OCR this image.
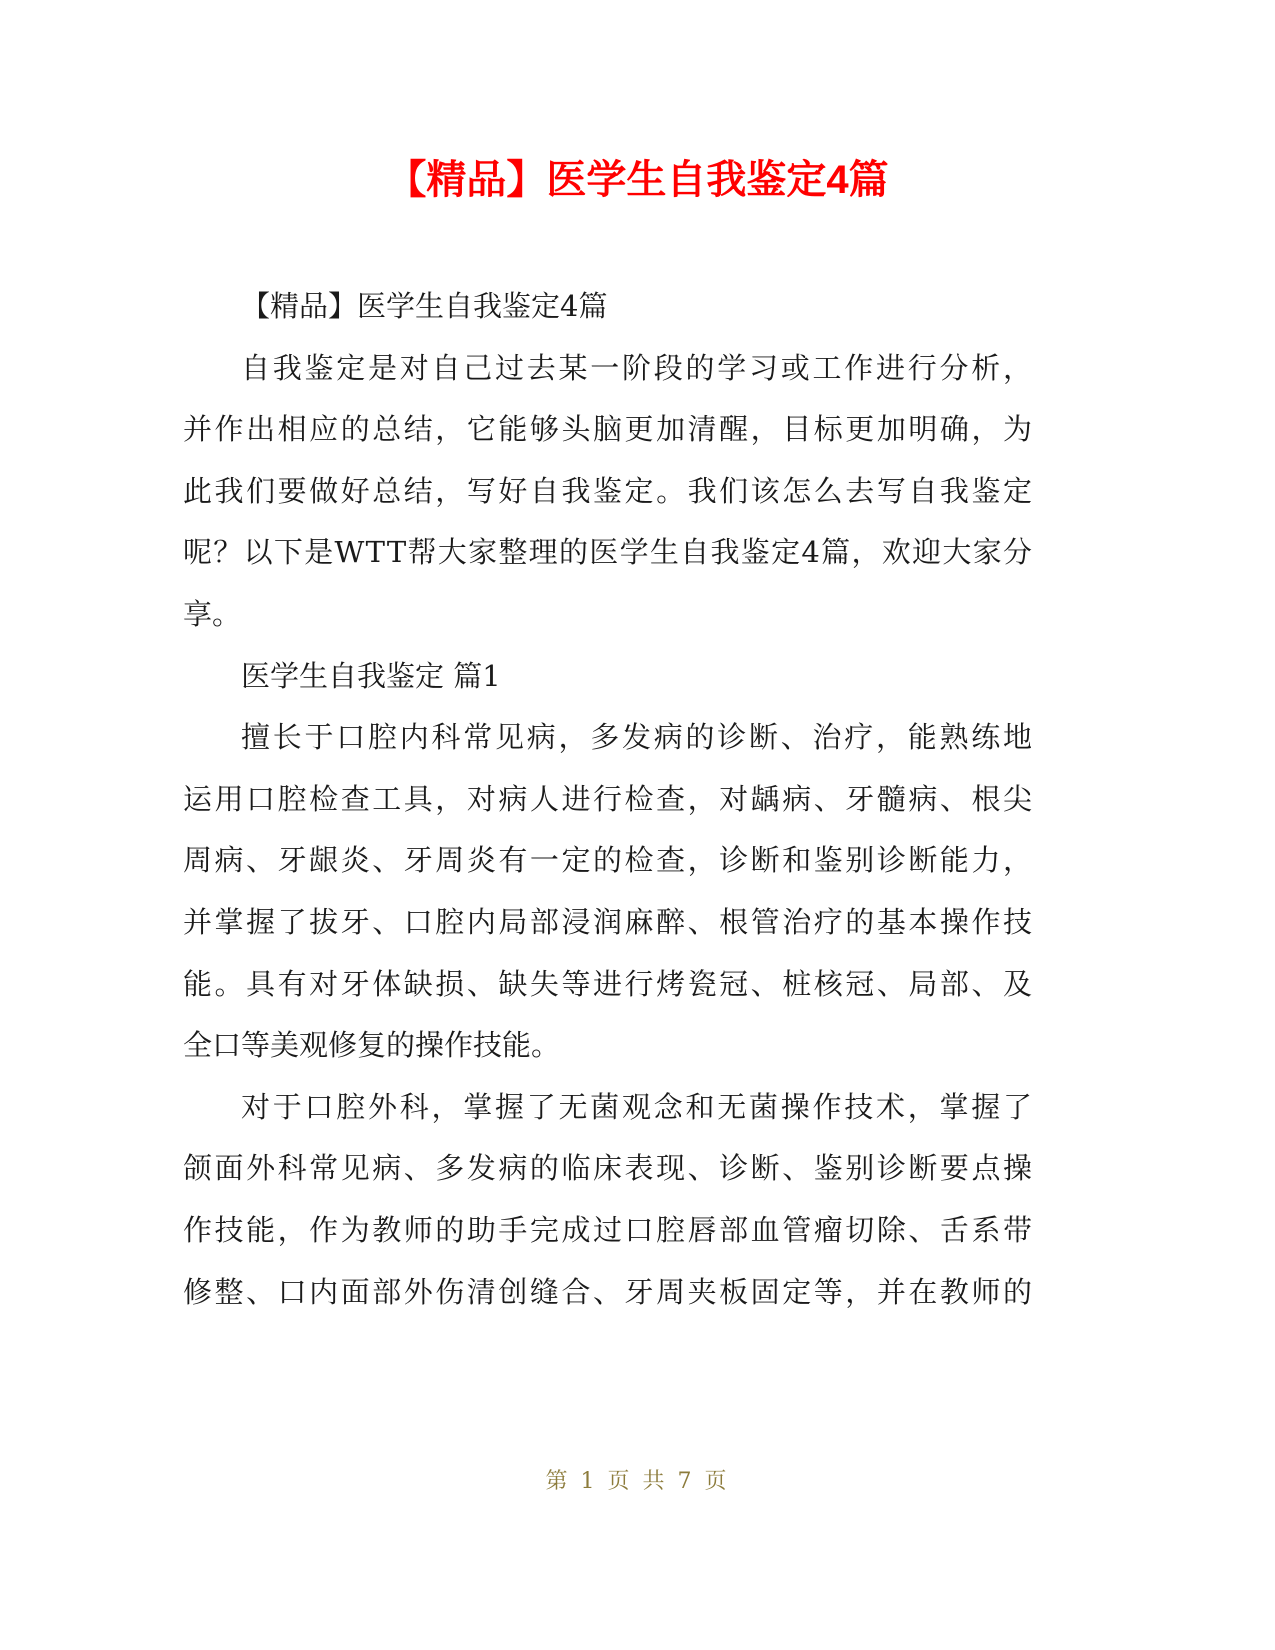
【精品】医学生自我鉴定4篇
【精品】医学生自我鉴定4篇
自我鉴定是对自己过去某一阶段的学习或工作进行分析，
并作出相应的总结，它能够头脑更加清醒，目标更加明确，为
此我们要做好总结，写好自我鉴定。我们该怎么去写自我鉴定
呢？以下是WTT帮大家整理的医学生自我鉴定4篇，欢迎大家分
享。
医学生自我鉴定 篇1
擅长于口腔内科常见病，多发病的诊断、治疗，能熟练地
运用口腔检查工具，对病人进行检查，对龋病、牙髓病、根尖
周病、牙龈炎、牙周炎有一定的检查，诊断和鉴别诊断能力，
并掌握了拔牙、口腔内局部浸润麻醉、根管治疗的基本操作技
能。具有对牙体缺损、缺失等进行烤瓷冠、桩核冠、局部、及
全口等美观修复的操作技能。
对于口腔外科，掌握了无菌观念和无菌操作技术，掌握了
颌面外科常见病、多发病的临床表现、诊断、鉴别诊断要点操
作技能，作为教师的助手完成过口腔唇部血管瘤切除、舌系带
修整、口内面部外伤清创缝合、牙周夹板固定等，并在教师的
第 1 页 共 7 页
